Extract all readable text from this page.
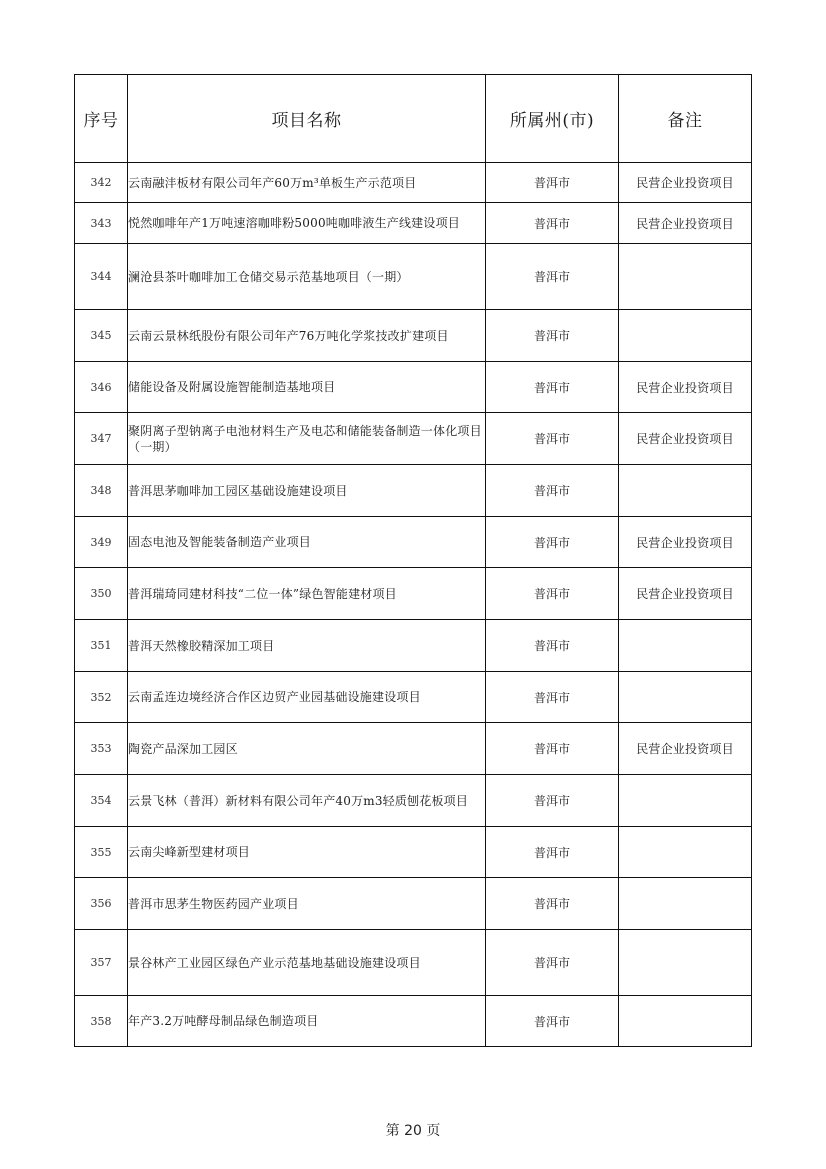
序号	项目名称	所属州(市)	备注
342	云南融沣板材有限公司年产60万m³单板生产示范项目	普洱市	民营企业投资项目
343	悦然咖啡年产1万吨速溶咖啡粉5000吨咖啡液生产线建设项目	普洱市	民营企业投资项目
344	澜沧县茶叶咖啡加工仓储交易示范基地项目（一期）	普洱市	
345	云南云景林纸股份有限公司年产76万吨化学浆技改扩建项目	普洱市	
346	储能设备及附属设施智能制造基地项目	普洱市	民营企业投资项目
347	聚阴离子型钠离子电池材料生产及电芯和储能装备制造一体化项目（一期）	普洱市	民营企业投资项目
348	普洱思茅咖啡加工园区基础设施建设项目	普洱市	
349	固态电池及智能装备制造产业项目	普洱市	民营企业投资项目
350	普洱瑞琦同建材科技“二位一体”绿色智能建材项目	普洱市	民营企业投资项目
351	普洱天然橡胶精深加工项目	普洱市	
352	云南孟连边境经济合作区边贸产业园基础设施建设项目	普洱市	
353	陶瓷产品深加工园区	普洱市	民营企业投资项目
354	云景飞林（普洱）新材料有限公司年产40万m3轻质刨花板项目	普洱市	
355	云南尖峰新型建材项目	普洱市	
356	普洱市思茅生物医药园产业项目	普洱市	
357	景谷林产工业园区绿色产业示范基地基础设施建设项目	普洱市	
358	年产3.2万吨酵母制品绿色制造项目	普洱市	
第 20 页
